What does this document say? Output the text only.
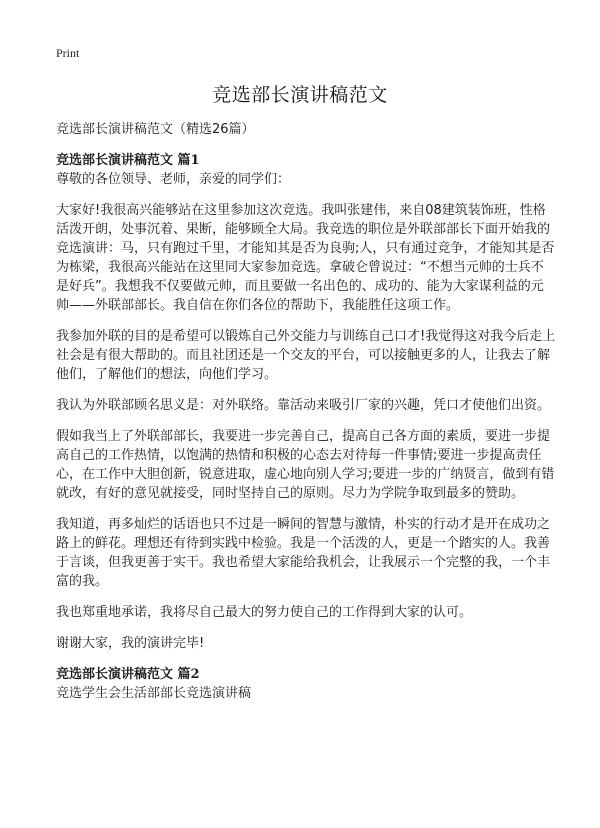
Print
竞选部长演讲稿范文

竞选部长演讲稿范文（精选26篇）

竞选部长演讲稿范文 篇1

尊敬的各位领导、老师，亲爱的同学们：

大家好!我很高兴能够站在这里参加这次竞选。我叫张建伟，来自08建筑装饰班，性格活泼开朗，处事沉着、果断，能够顾全大局。我竞选的职位是外联部部长下面开始我的竞选演讲：马，只有跑过千里，才能知其是否为良驹;人，只有通过竞争，才能知其是否为栋梁，我很高兴能站在这里同大家参加竞选。拿破仑曾说过：“不想当元帅的士兵不是好兵”。我想我不仅要做元帅，而且要做一名出色的、成功的、能为大家谋利益的元帅——外联部部长。我自信在你们各位的帮助下，我能胜任这项工作。

我参加外联的目的是希望可以锻炼自己外交能力与训练自己口才!我觉得这对我今后走上社会是有很大帮助的。而且社团还是一个交友的平台，可以接触更多的人，让我去了解他们，了解他们的想法，向他们学习。

我认为外联部顾名思义是：对外联络。靠活动来吸引厂家的兴趣，凭口才使他们出资。

假如我当上了外联部部长，我要进一步完善自己，提高自己各方面的素质，要进一步提高自己的工作热情，以饱满的热情和积极的心态去对待每一件事情;要进一步提高责任心，在工作中大胆创新，锐意进取，虚心地向别人学习;要进一步的广纳贤言，做到有错就改，有好的意见就接受，同时坚持自己的原则。尽力为学院争取到最多的赞助。

我知道，再多灿烂的话语也只不过是一瞬间的智慧与激情，朴实的行动才是开在成功之路上的鲜花。理想还有待到实践中检验。我是一个活泼的人，更是一个踏实的人。我善于言谈，但我更善于实干。我也希望大家能给我机会，让我展示一个完整的我，一个丰富的我。

我也郑重地承诺，我将尽自己最大的努力使自己的工作得到大家的认可。

谢谢大家，我的演讲完毕!

竞选部长演讲稿范文 篇2

竞选学生会生活部部长竞选演讲稿
